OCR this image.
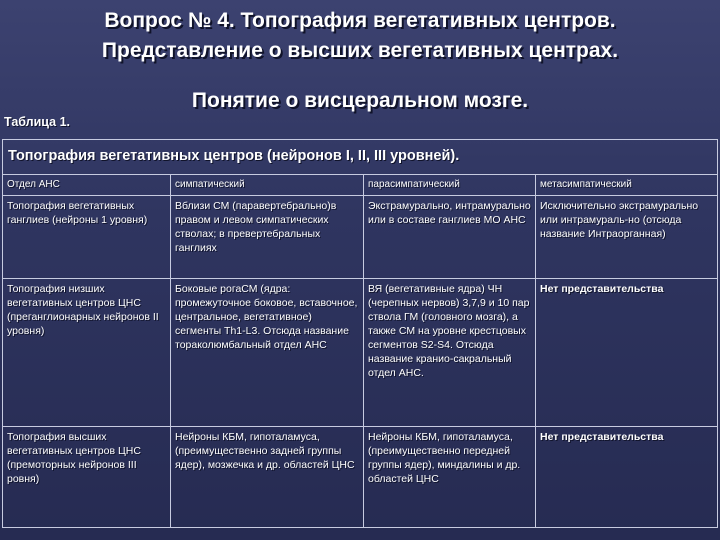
Вопрос № 4. Топография вегетативных центров.
Представление о высших вегетативных центрах.
Понятие о висцеральном мозге.
Таблица 1.
Топография вегетативных центров (нейронов I, II, III уровней).			
Отдел АНС	симпатический	парасимпатический	метасимпатический
Топография вегетативных ганглиев (нейроны 1 уровня)	Вблизи СМ (паравертебрально)в правом и левом симпатических стволах; в превертебральных ганглиях	Экстрамурально, интрамурально или в составе ганглиев МО АНС	Исключительно экстрамурально или интрамураль-но (отсюда название Интраорганная)
Топография низших вегетативных центров ЦНС (преганглионарных нейронов II уровня)	Боковые рогаСМ (ядра: промежуточное боковое, вставочное, центральное, вегетативное) сегменты Th1-L3. Отсюда название тораколюмбальный отдел АНС	ВЯ (вегетативные ядра) ЧН (черепных нервов) 3,7,9 и 10 пар ствола ГМ (головного мозга), а также СМ на уровне крестцовых сегментов S2-S4. Отсюда название кранио-сакральный отдел АНС.	Нет представительства
Топография высших вегетативных центров ЦНС (премоторных нейронов III ровня)	Нейроны КБМ, гипоталамуса, (преимущественно задней группы ядер), мозжечка и др. областей ЦНС	Нейроны КБМ, гипоталамуса, (преимущественно передней группы ядер), миндалины и др. областей ЦНС	Нет представительства
